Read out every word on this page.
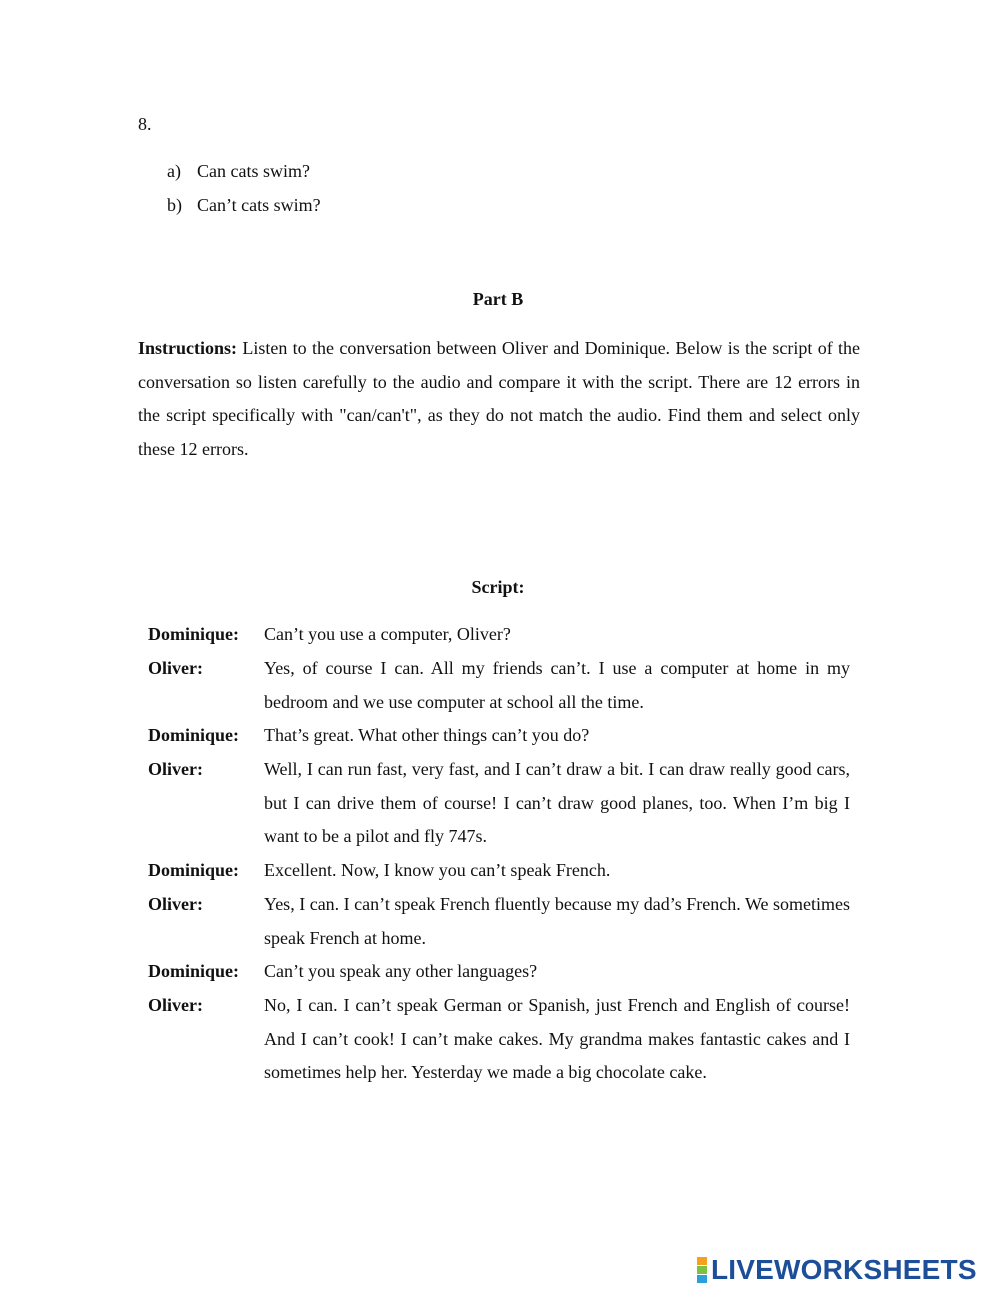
8.
a) Can cats swim?
b) Can’t cats swim?
Part B
Instructions: Listen to the conversation between Oliver and Dominique. Below is the script of the conversation so listen carefully to the audio and compare it with the script. There are 12 errors in the script specifically with "can/can't", as they do not match the audio. Find them and select only these 12 errors.
Script:
Dominique: Can’t you use a computer, Oliver?
Oliver:	Yes, of course I can. All my friends can’t. I use a computer at home in my bedroom and we use computer at school all the time.
Dominique: That’s great. What other things can’t you do?
Oliver:	Well, I can run fast, very fast, and I can’t draw a bit. I can draw really good cars, but I can drive them of course! I can’t draw good planes, too. When I’m big I want to be a pilot and fly 747s.
Dominique: Excellent. Now, I know you can’t speak French.
Oliver:	Yes, I can. I can’t speak French fluently because my dad’s French. We sometimes speak French at home.
Dominique: Can’t you speak any other languages?
Oliver:	No, I can. I can’t speak German or Spanish, just French and English of course! And I can’t cook! I can’t make cakes. My grandma makes fantastic cakes and I sometimes help her. Yesterday we made a big chocolate cake.
LIVEWORKSHEETS
